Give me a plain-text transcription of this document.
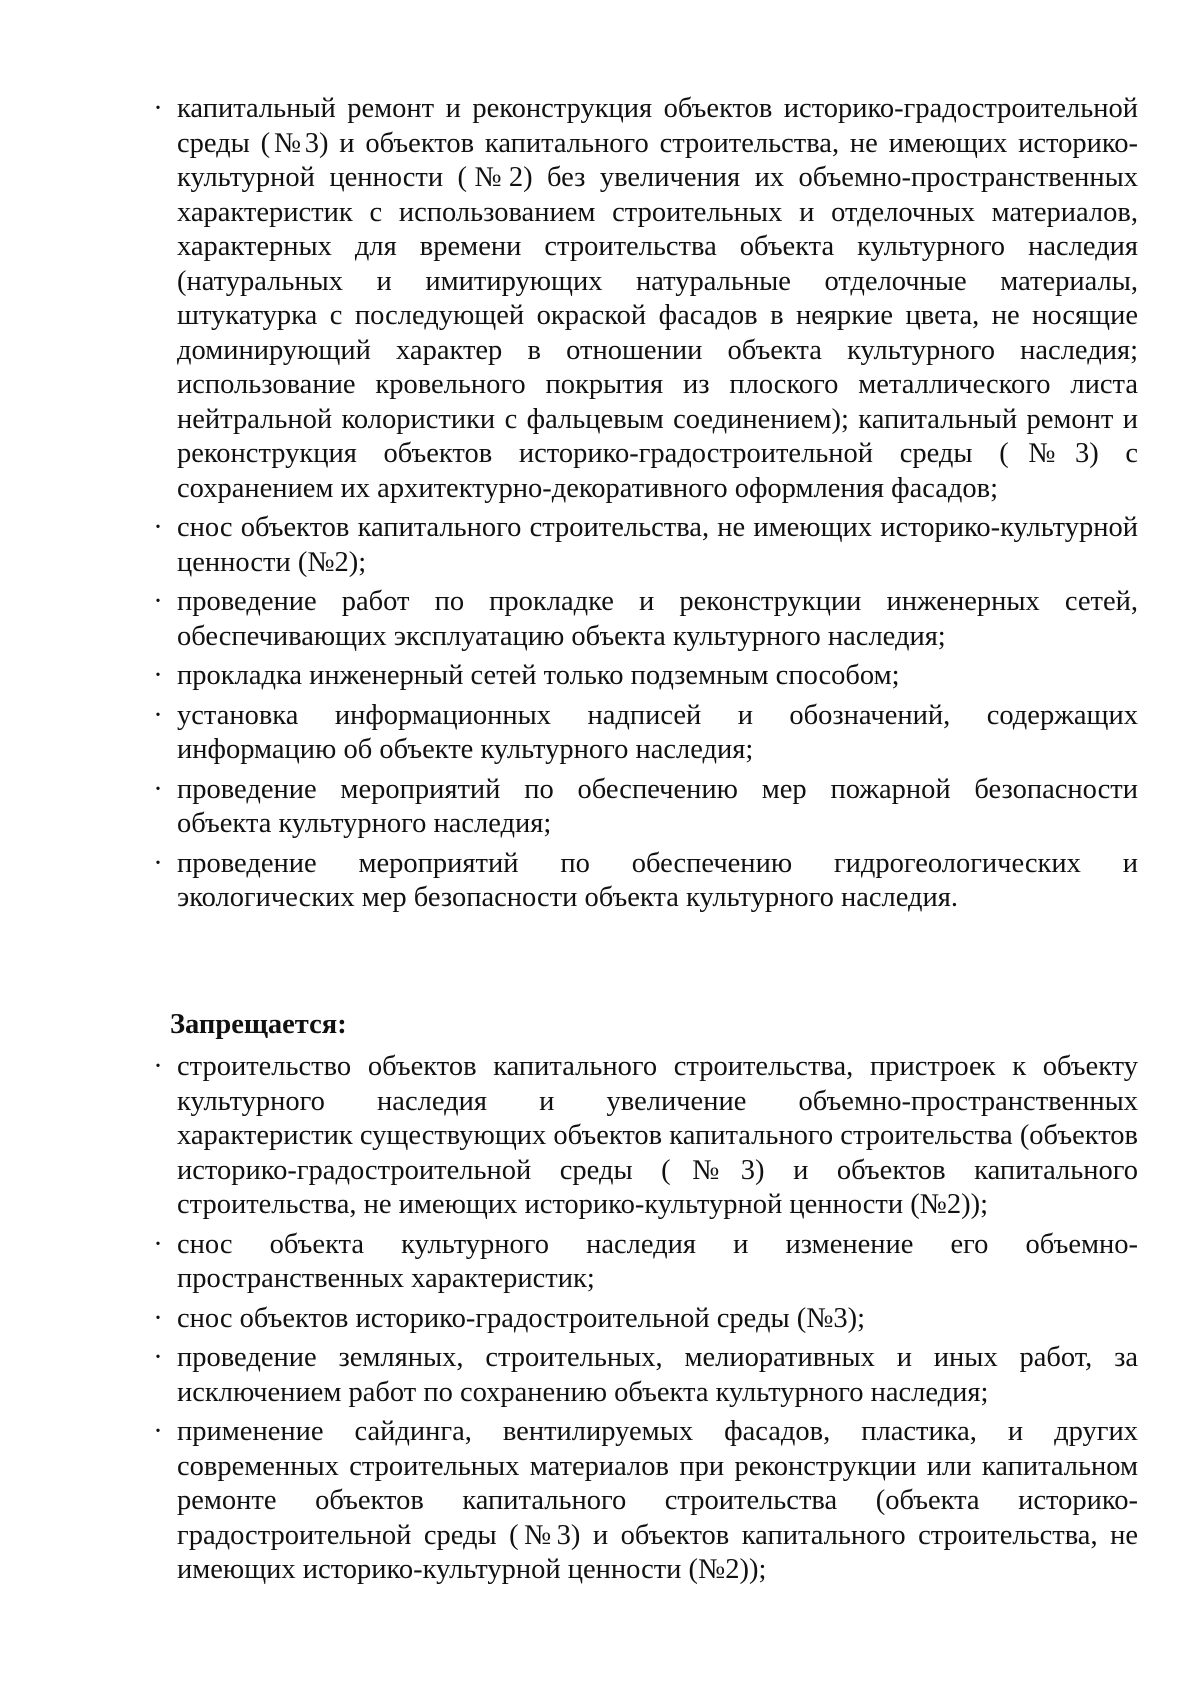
· капитальный ремонт и реконструкция объектов историко-градостроительной среды (№3) и объектов капитального строительства, не имеющих историко-культурной ценности (№2) без увеличения их объемно-пространственных характеристик с использованием строительных и отделочных материалов, характерных для времени строительства объекта культурного наследия (натуральных и имитирующих натуральные отделочные материалы, штукатурка с последующей окраской фасадов в неяркие цвета, не носящие доминирующий характер в отношении объекта культурного наследия; использование кровельного покрытия из плоского металлического листа нейтральной колористики с фальцевым соединением); капитальный ремонт и реконструкция объектов историко-градостроительной среды (№3) с сохранением их архитектурно-декоративного оформления фасадов;
· снос объектов капитального строительства, не имеющих историко-культурной ценности (№2);
· проведение работ по прокладке и реконструкции инженерных сетей, обеспечивающих эксплуатацию объекта культурного наследия;
· прокладка инженерный сетей только подземным способом;
· установка информационных надписей и обозначений, содержащих информацию об объекте культурного наследия;
· проведение мероприятий по обеспечению мер пожарной безопасности объекта культурного наследия;
· проведение мероприятий по обеспечению гидрогеологических и экологических мер безопасности объекта культурного наследия.

Запрещается:

· строительство объектов капитального строительства, пристроек к объекту культурного наследия и увеличение объемно-пространственных характеристик существующих объектов капитального строительства (объектов историко-градостроительной среды (№3) и объектов капитального строительства, не имеющих историко-культурной ценности (№2));
· снос объекта культурного наследия и изменение его объемно-пространственных характеристик;
· снос объектов историко-градостроительной среды (№3);
· проведение земляных, строительных, мелиоративных и иных работ, за исключением работ по сохранению объекта культурного наследия;
· применение сайдинга, вентилируемых фасадов, пластика, и других современных строительных материалов при реконструкции или капитальном ремонте объектов капитального строительства (объекта историко-градостроительной среды (№3) и объектов капитального строительства, не имеющих историко-культурной ценности (№2));
